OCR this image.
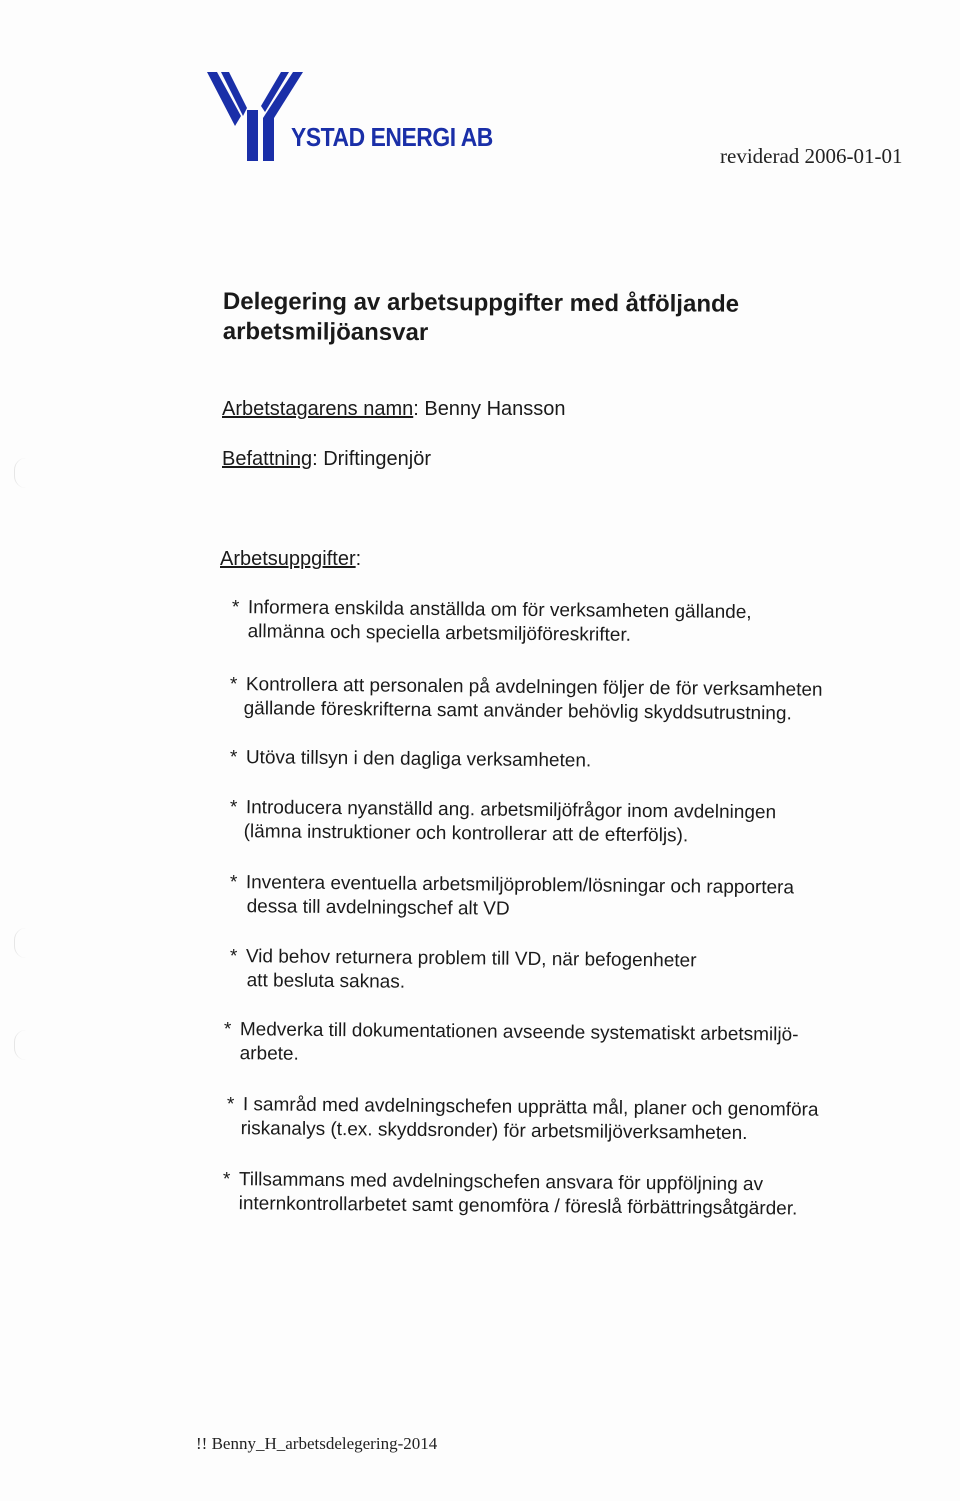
YSTAD ENERGI AB
reviderad 2006-01-01
Delegering av arbetsuppgifter med åtföljande
arbetsmiljöansvar
Arbetstagarens namn: Benny Hansson
Befattning: Driftingenjör
Arbetsuppgifter:
* Informera enskilda anställda om för verksamheten gällande,
allmänna och speciella arbetsmiljöföreskrifter.
* Kontrollera att personalen på avdelningen följer de för verksamheten
gällande föreskrifterna samt använder behövlig skyddsutrustning.
* Utöva tillsyn i den dagliga verksamheten.
* Introducera nyanställd ang. arbetsmiljöfrågor inom avdelningen
(lämna instruktioner och kontrollerar att de efterföljs).
* Inventera eventuella arbetsmiljöproblem/lösningar och rapportera
dessa till avdelningschef alt VD
* Vid behov returnera problem till VD, när befogenheter
att besluta saknas.
* Medverka till dokumentationen avseende systematiskt arbetsmiljö-
arbete.
* I samråd med avdelningschefen upprätta mål, planer och genomföra
riskanalys (t.ex. skyddsronder) för arbetsmiljöverksamheten.
* Tillsammans med avdelningschefen ansvara för uppföljning av
internkontrollarbetet samt genomföra / föreslå förbättringsåtgärder.
!! Benny_H_arbetsdelegering-2014
